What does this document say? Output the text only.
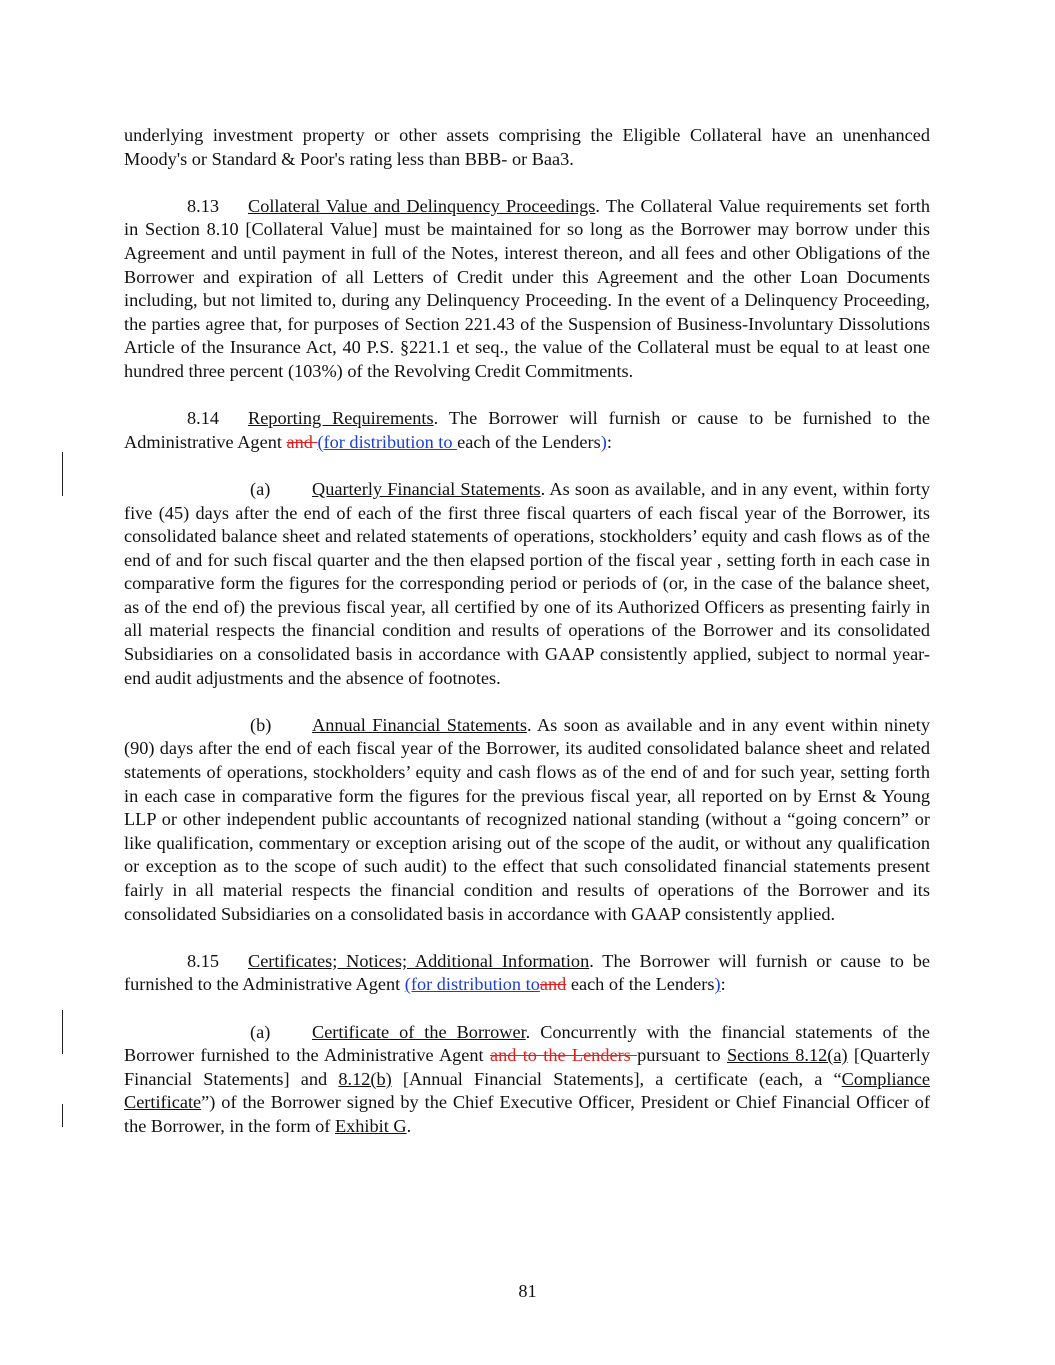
underlying investment property or other assets comprising the Eligible Collateral have an unenhanced Moody's or Standard & Poor's rating less than BBB- or Baa3.

8.13 Collateral Value and Delinquency Proceedings. The Collateral Value requirements set forth in Section 8.10 [Collateral Value] must be maintained for so long as the Borrower may borrow under this Agreement and until payment in full of the Notes, interest thereon, and all fees and other Obligations of the Borrower and expiration of all Letters of Credit under this Agreement and the other Loan Documents including, but not limited to, during any Delinquency Proceeding. In the event of a Delinquency Proceeding, the parties agree that, for purposes of Section 221.43 of the Suspension of Business-Involuntary Dissolutions Article of the Insurance Act, 40 P.S. §221.1 et seq., the value of the Collateral must be equal to at least one hundred three percent (103%) of the Revolving Credit Commitments.

8.14 Reporting Requirements. The Borrower will furnish or cause to be furnished to the Administrative Agent and (for distribution to each of the Lenders):

(a) Quarterly Financial Statements. As soon as available, and in any event, within forty five (45) days after the end of each of the first three fiscal quarters of each fiscal year of the Borrower, its consolidated balance sheet and related statements of operations, stockholders’ equity and cash flows as of the end of and for such fiscal quarter and the then elapsed portion of the fiscal year , setting forth in each case in comparative form the figures for the corresponding period or periods of (or, in the case of the balance sheet, as of the end of) the previous fiscal year, all certified by one of its Authorized Officers as presenting fairly in all material respects the financial condition and results of operations of the Borrower and its consolidated Subsidiaries on a consolidated basis in accordance with GAAP consistently applied, subject to normal year-end audit adjustments and the absence of footnotes.

(b) Annual Financial Statements. As soon as available and in any event within ninety (90) days after the end of each fiscal year of the Borrower, its audited consolidated balance sheet and related statements of operations, stockholders’ equity and cash flows as of the end of and for such year, setting forth in each case in comparative form the figures for the previous fiscal year, all reported on by Ernst & Young LLP or other independent public accountants of recognized national standing (without a “going concern” or like qualification, commentary or exception arising out of the scope of the audit, or without any qualification or exception as to the scope of such audit) to the effect that such consolidated financial statements present fairly in all material respects the financial condition and results of operations of the Borrower and its consolidated Subsidiaries on a consolidated basis in accordance with GAAP consistently applied.

8.15 Certificates; Notices; Additional Information. The Borrower will furnish or cause to be furnished to the Administrative Agent (for distribution toand each of the Lenders):

(a) Certificate of the Borrower. Concurrently with the financial statements of the Borrower furnished to the Administrative Agent and to the Lenders pursuant to Sections 8.12(a) [Quarterly Financial Statements] and 8.12(b) [Annual Financial Statements], a certificate (each, a “Compliance Certificate”) of the Borrower signed by the Chief Executive Officer, President or Chief Financial Officer of the Borrower, in the form of Exhibit G.

81
